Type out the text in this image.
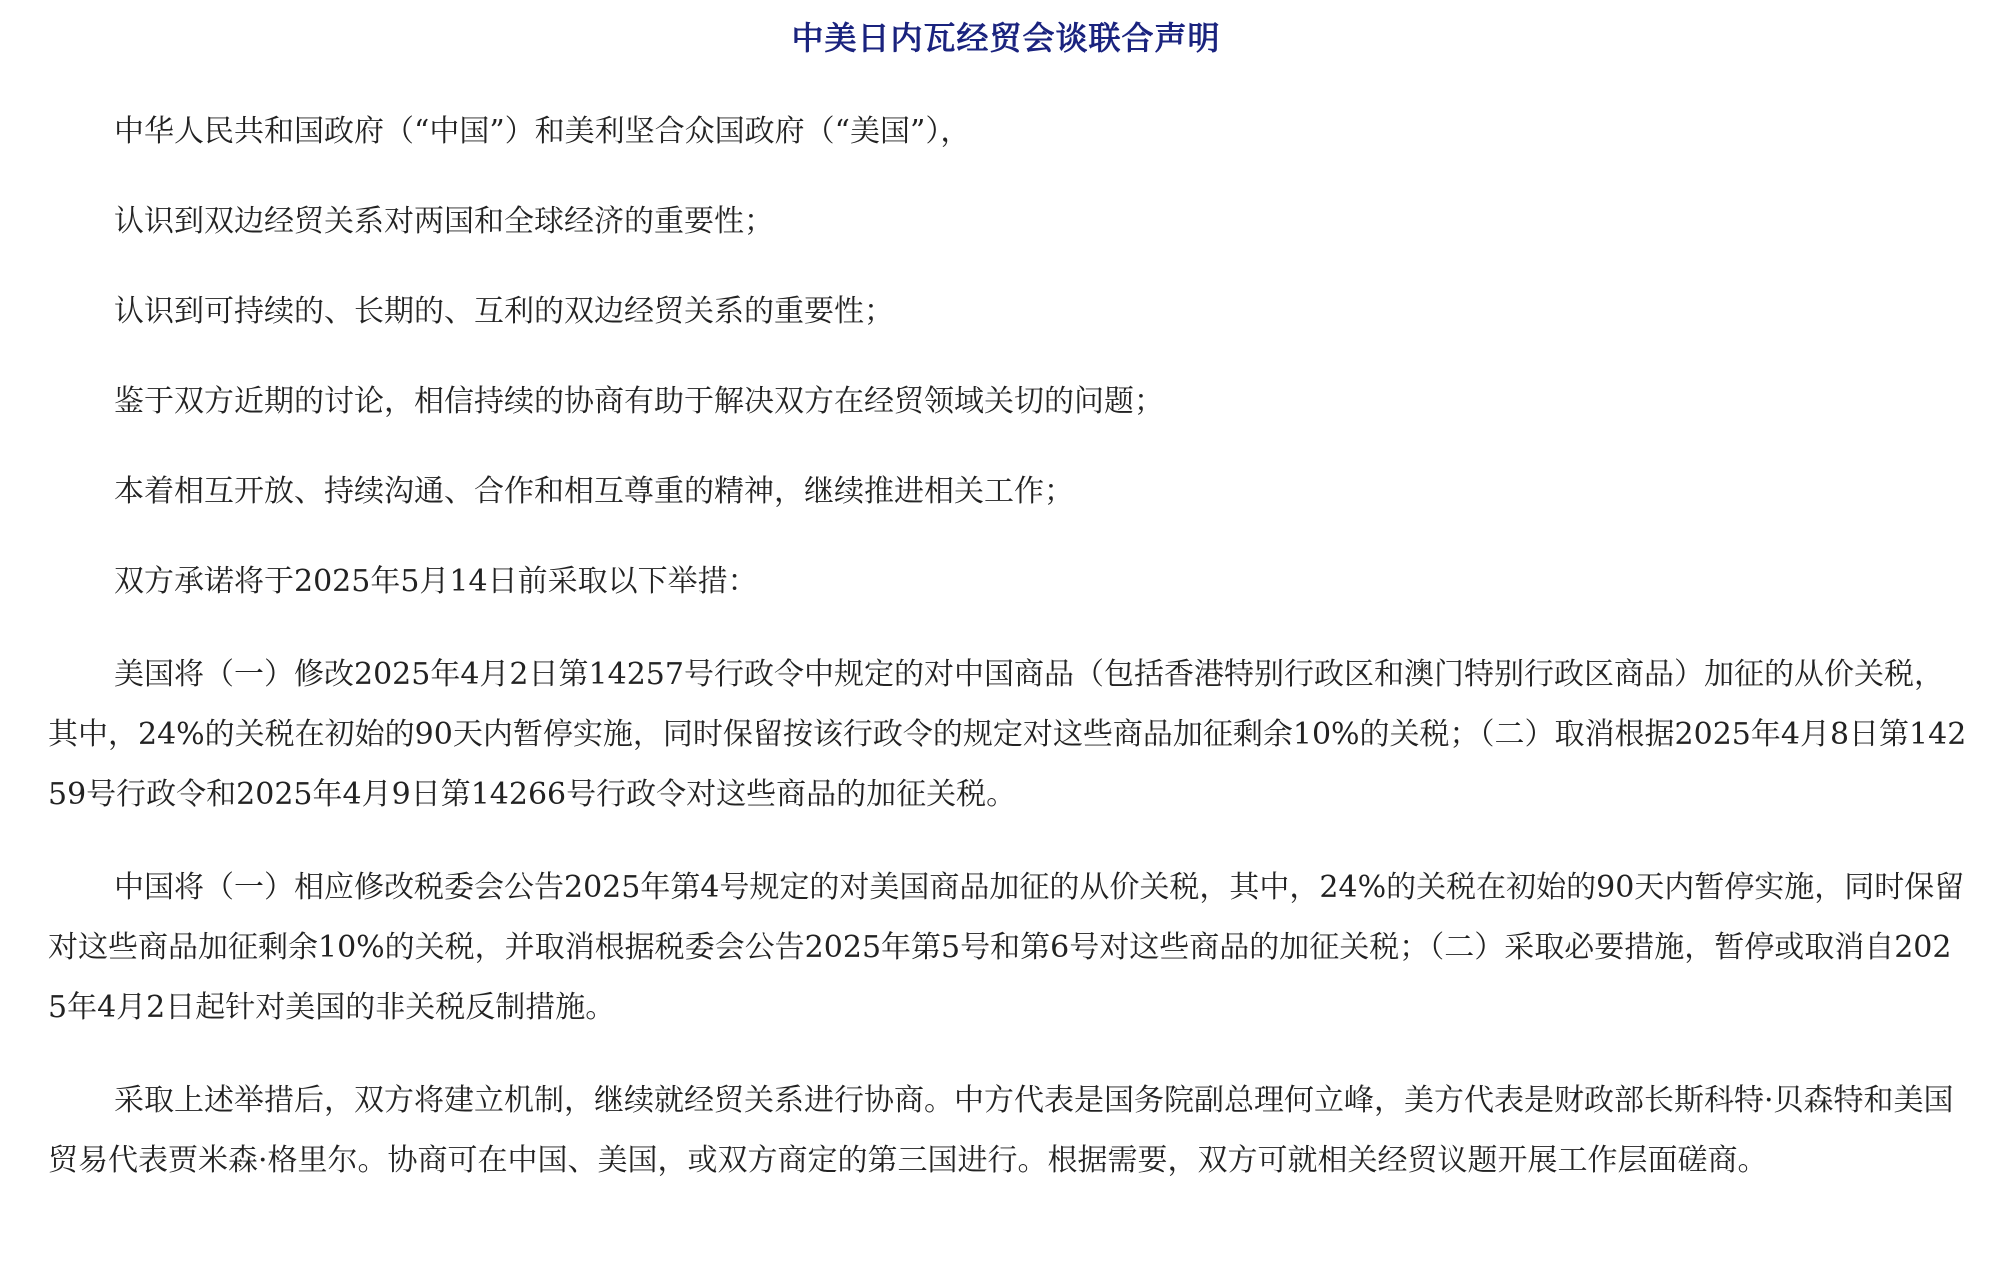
中美日内瓦经贸会谈联合声明

中华人民共和国政府（“中国”）和美利坚合众国政府（“美国”），

认识到双边经贸关系对两国和全球经济的重要性；

认识到可持续的、长期的、互利的双边经贸关系的重要性；

鉴于双方近期的讨论，相信持续的协商有助于解决双方在经贸领域关切的问题；

本着相互开放、持续沟通、合作和相互尊重的精神，继续推进相关工作；

双方承诺将于2025年5月14日前采取以下举措：

美国将（一）修改2025年4月2日第14257号行政令中规定的对中国商品（包括香港特别行政区和澳门特别行政区商品）加征的从价关税，其中，24%的关税在初始的90天内暂停实施，同时保留按该行政令的规定对这些商品加征剩余10%的关税；（二）取消根据2025年4月8日第14259号行政令和2025年4月9日第14266号行政令对这些商品的加征关税。

中国将（一）相应修改税委会公告2025年第4号规定的对美国商品加征的从价关税，其中，24%的关税在初始的90天内暂停实施，同时保留对这些商品加征剩余10%的关税，并取消根据税委会公告2025年第5号和第6号对这些商品的加征关税；（二）采取必要措施，暂停或取消自2025年4月2日起针对美国的非关税反制措施。

采取上述举措后，双方将建立机制，继续就经贸关系进行协商。中方代表是国务院副总理何立峰，美方代表是财政部长斯科特·贝森特和美国贸易代表贾米森·格里尔。协商可在中国、美国，或双方商定的第三国进行。根据需要，双方可就相关经贸议题开展工作层面磋商。
